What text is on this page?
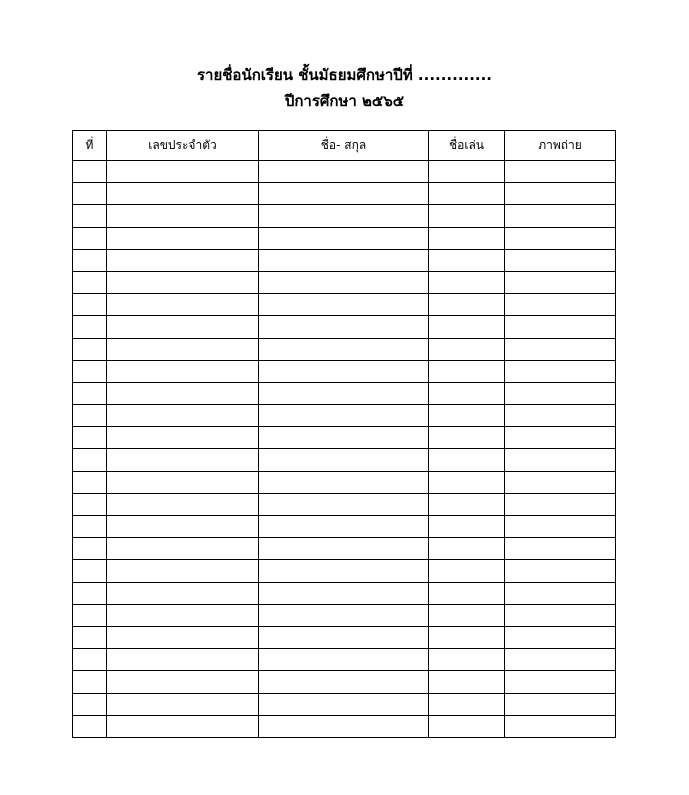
รายชื่อนักเรียน ชั้นมัธยมศึกษาปีที่ .............
ปีการศึกษา ๒๕๖๕
ที่	เลขประจำตัว	ชื่อ- สกุล	ชื่อเล่น	ภาพถ่าย
